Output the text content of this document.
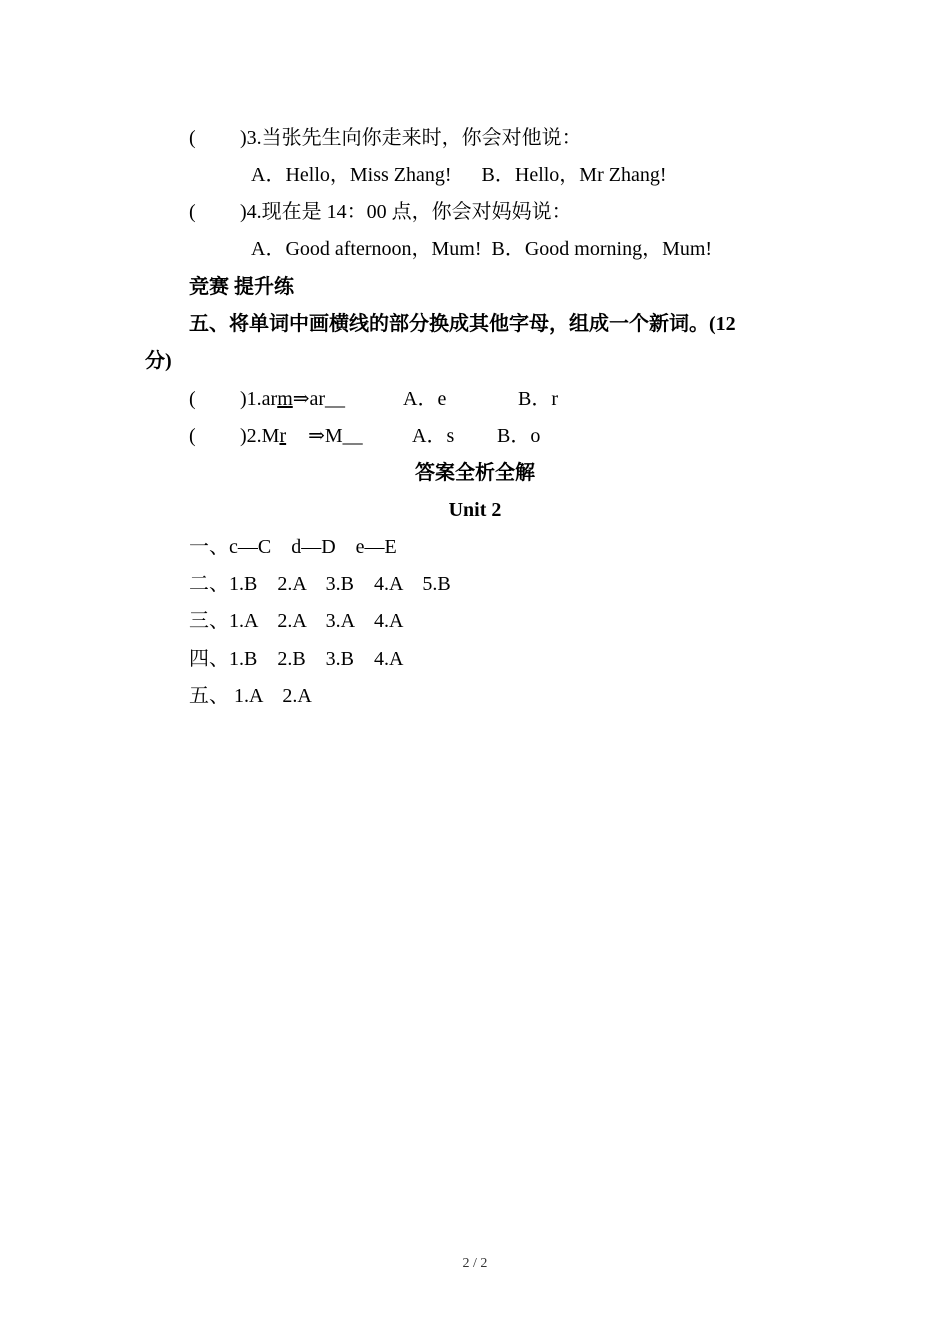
( )3.当张先生向你走来时，你会对他说：
A．Hello，Miss Zhang!      B．Hello，Mr Zhang!
( )4.现在是 14：00 点，你会对妈妈说：
A．Good afternoon，Mum!  B．Good morning，Mum!
竞赛 提升练
五、将单词中画横线的部分换成其他字母，组成一个新词。(12
分)
( )1.arm⇒ar__	A．e	B．r
( )2.Mr ⇒M__ A．s B．o
答案全析全解
Unit 2
一、c—C    d—D    e—E
二、1.B    2.A    3.B    4.A    5.B
三、1.A    2.A    3.A    4.A
四、1.B    2.B    3.B    4.A
五、 1.A    2.A
2 / 2
